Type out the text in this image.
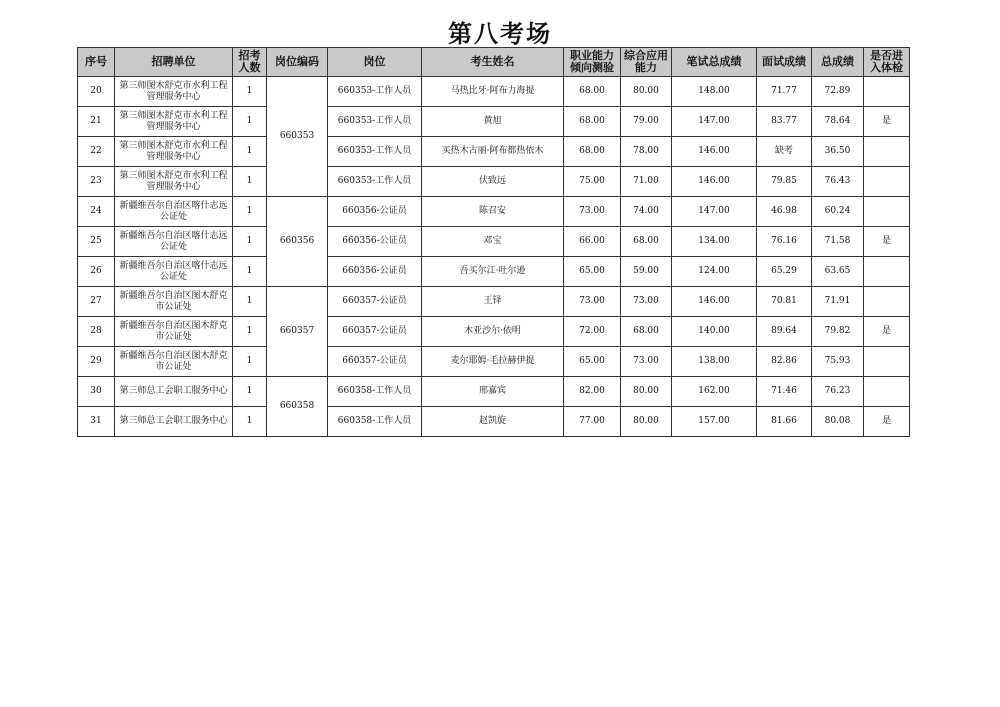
第八考场
序号	招聘单位	招考人数	岗位编码	岗位	考生姓名	职业能力倾向测验	综合应用能力	笔试总成绩	面试成绩	总成绩	是否进入体检
20	第三师图木舒克市水利工程管理服务中心	1	660353	660353-工作人员	马热比牙·阿布力海提	68.00	80.00	148.00	71.77	72.89	
21	第三师图木舒克市水利工程管理服务中心	1		660353-工作人员	黄旭	68.00	79.00	147.00	83.77	78.64	是
22	第三师图木舒克市水利工程管理服务中心	1		660353-工作人员	买热木古丽·阿布都热依木	68.00	78.00	146.00	缺考	36.50	
23	第三师图木舒克市水利工程管理服务中心	1		660353-工作人员	伏致远	75.00	71.00	146.00	79.85	76.43	
24	新疆维吾尔自治区喀什志远公证处	1	660356	660356-公证员	陈召安	73.00	74.00	147.00	46.98	60.24	
25	新疆维吾尔自治区喀什志远公证处	1		660356-公证员	邓宝	66.00	68.00	134.00	76.16	71.58	是
26	新疆维吾尔自治区喀什志远公证处	1		660356-公证员	吾买尔江·吐尔逊	65.00	59.00	124.00	65.29	63.65	
27	新疆维吾尔自治区图木舒克市公证处	1	660357	660357-公证员	王铎	73.00	73.00	146.00	70.81	71.91	
28	新疆维吾尔自治区图木舒克市公证处	1		660357-公证员	木亚沙尔·依明	72.00	68.00	140.00	89.64	79.82	是
29	新疆维吾尔自治区图木舒克市公证处	1		660357-公证员	麦尔耶姆·毛拉赫伊提	65.00	73.00	138.00	82.86	75.93	
30	第三师总工会职工服务中心	1	660358	660358-工作人员	邢嘉宾	82.00	80.00	162.00	71.46	76.23	
31	第三师总工会职工服务中心	1		660358-工作人员	赵凯旋	77.00	80.00	157.00	81.66	80.08	是
